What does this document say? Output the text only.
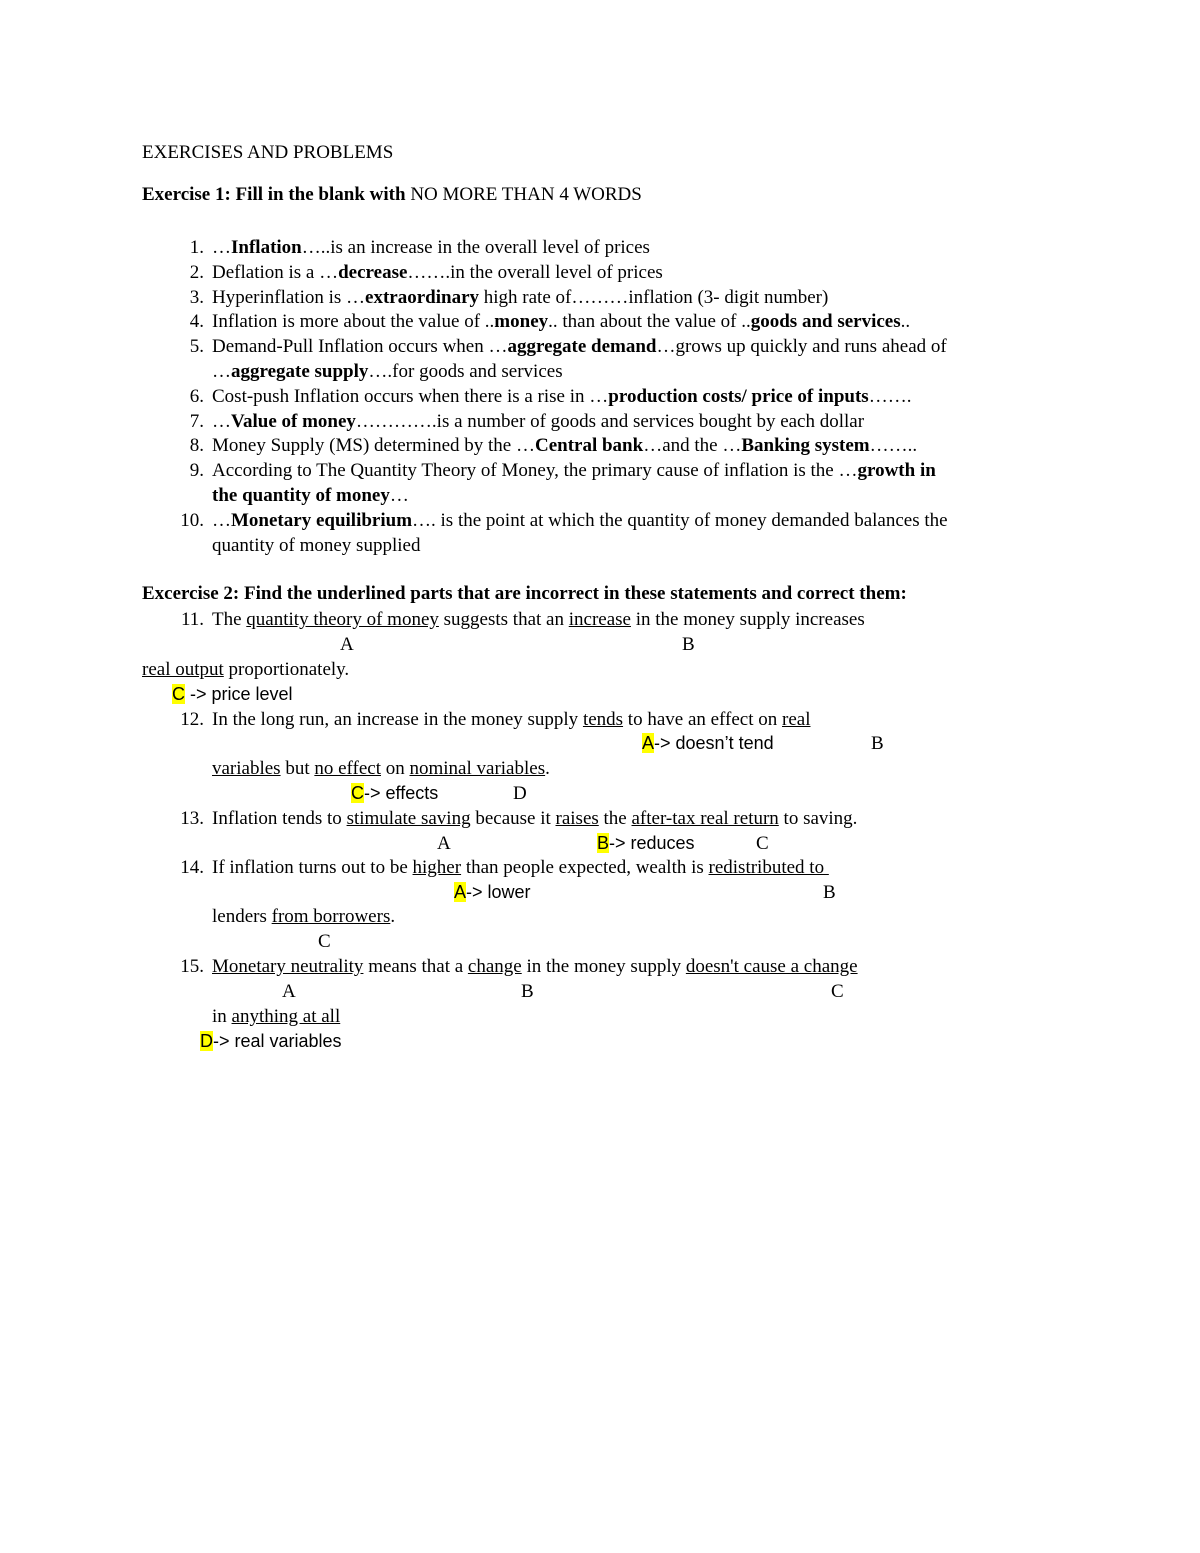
EXERCISES AND PROBLEMS
Exercise 1: Fill in the blank with NO MORE THAN 4 WORDS
1. …Inflation…..is an increase in the overall level of prices
2. Deflation is a …decrease…….in the overall level of prices
3. Hyperinflation is …extraordinary high rate of………inflation (3- digit number)
4. Inflation is more about the value of ..money.. than about the value of ..goods and services..
5. Demand-Pull Inflation occurs when …aggregate demand…grows up quickly and runs ahead of
…aggregate supply….for goods and services
6. Cost-push Inflation occurs when there is a rise in …production costs/ price of inputs…….
7. …Value of money………….is a number of goods and services bought by each dollar
8. Money Supply (MS) determined by the …Central bank…and the …Banking system……..
9. According to The Quantity Theory of Money, the primary cause of inflation is the …growth in
the quantity of money…
10. …Monetary equilibrium…. is the point at which the quantity of money demanded balances the
quantity of money supplied
Excercise 2: Find the underlined parts that are incorrect in these statements and correct them:
11. The quantity theory of money suggests that an increase in the money supply increases
A	B
real output proportionately.
C -> price level
12. In the long run, an increase in the money supply tends to have an effect on real
A-> doesn’t tend	B
variables but no effect on nominal variables.
C-> effects	D
13. Inflation tends to stimulate saving because it raises the after-tax real return to saving.
A	B-> reduces	C
14. If inflation turns out to be higher than people expected, wealth is redistributed to
A-> lower	B
lenders from borrowers.
C
15. Monetary neutrality means that a change in the money supply doesn't cause a change
A	B	C
in anything at all
D-> real variables
